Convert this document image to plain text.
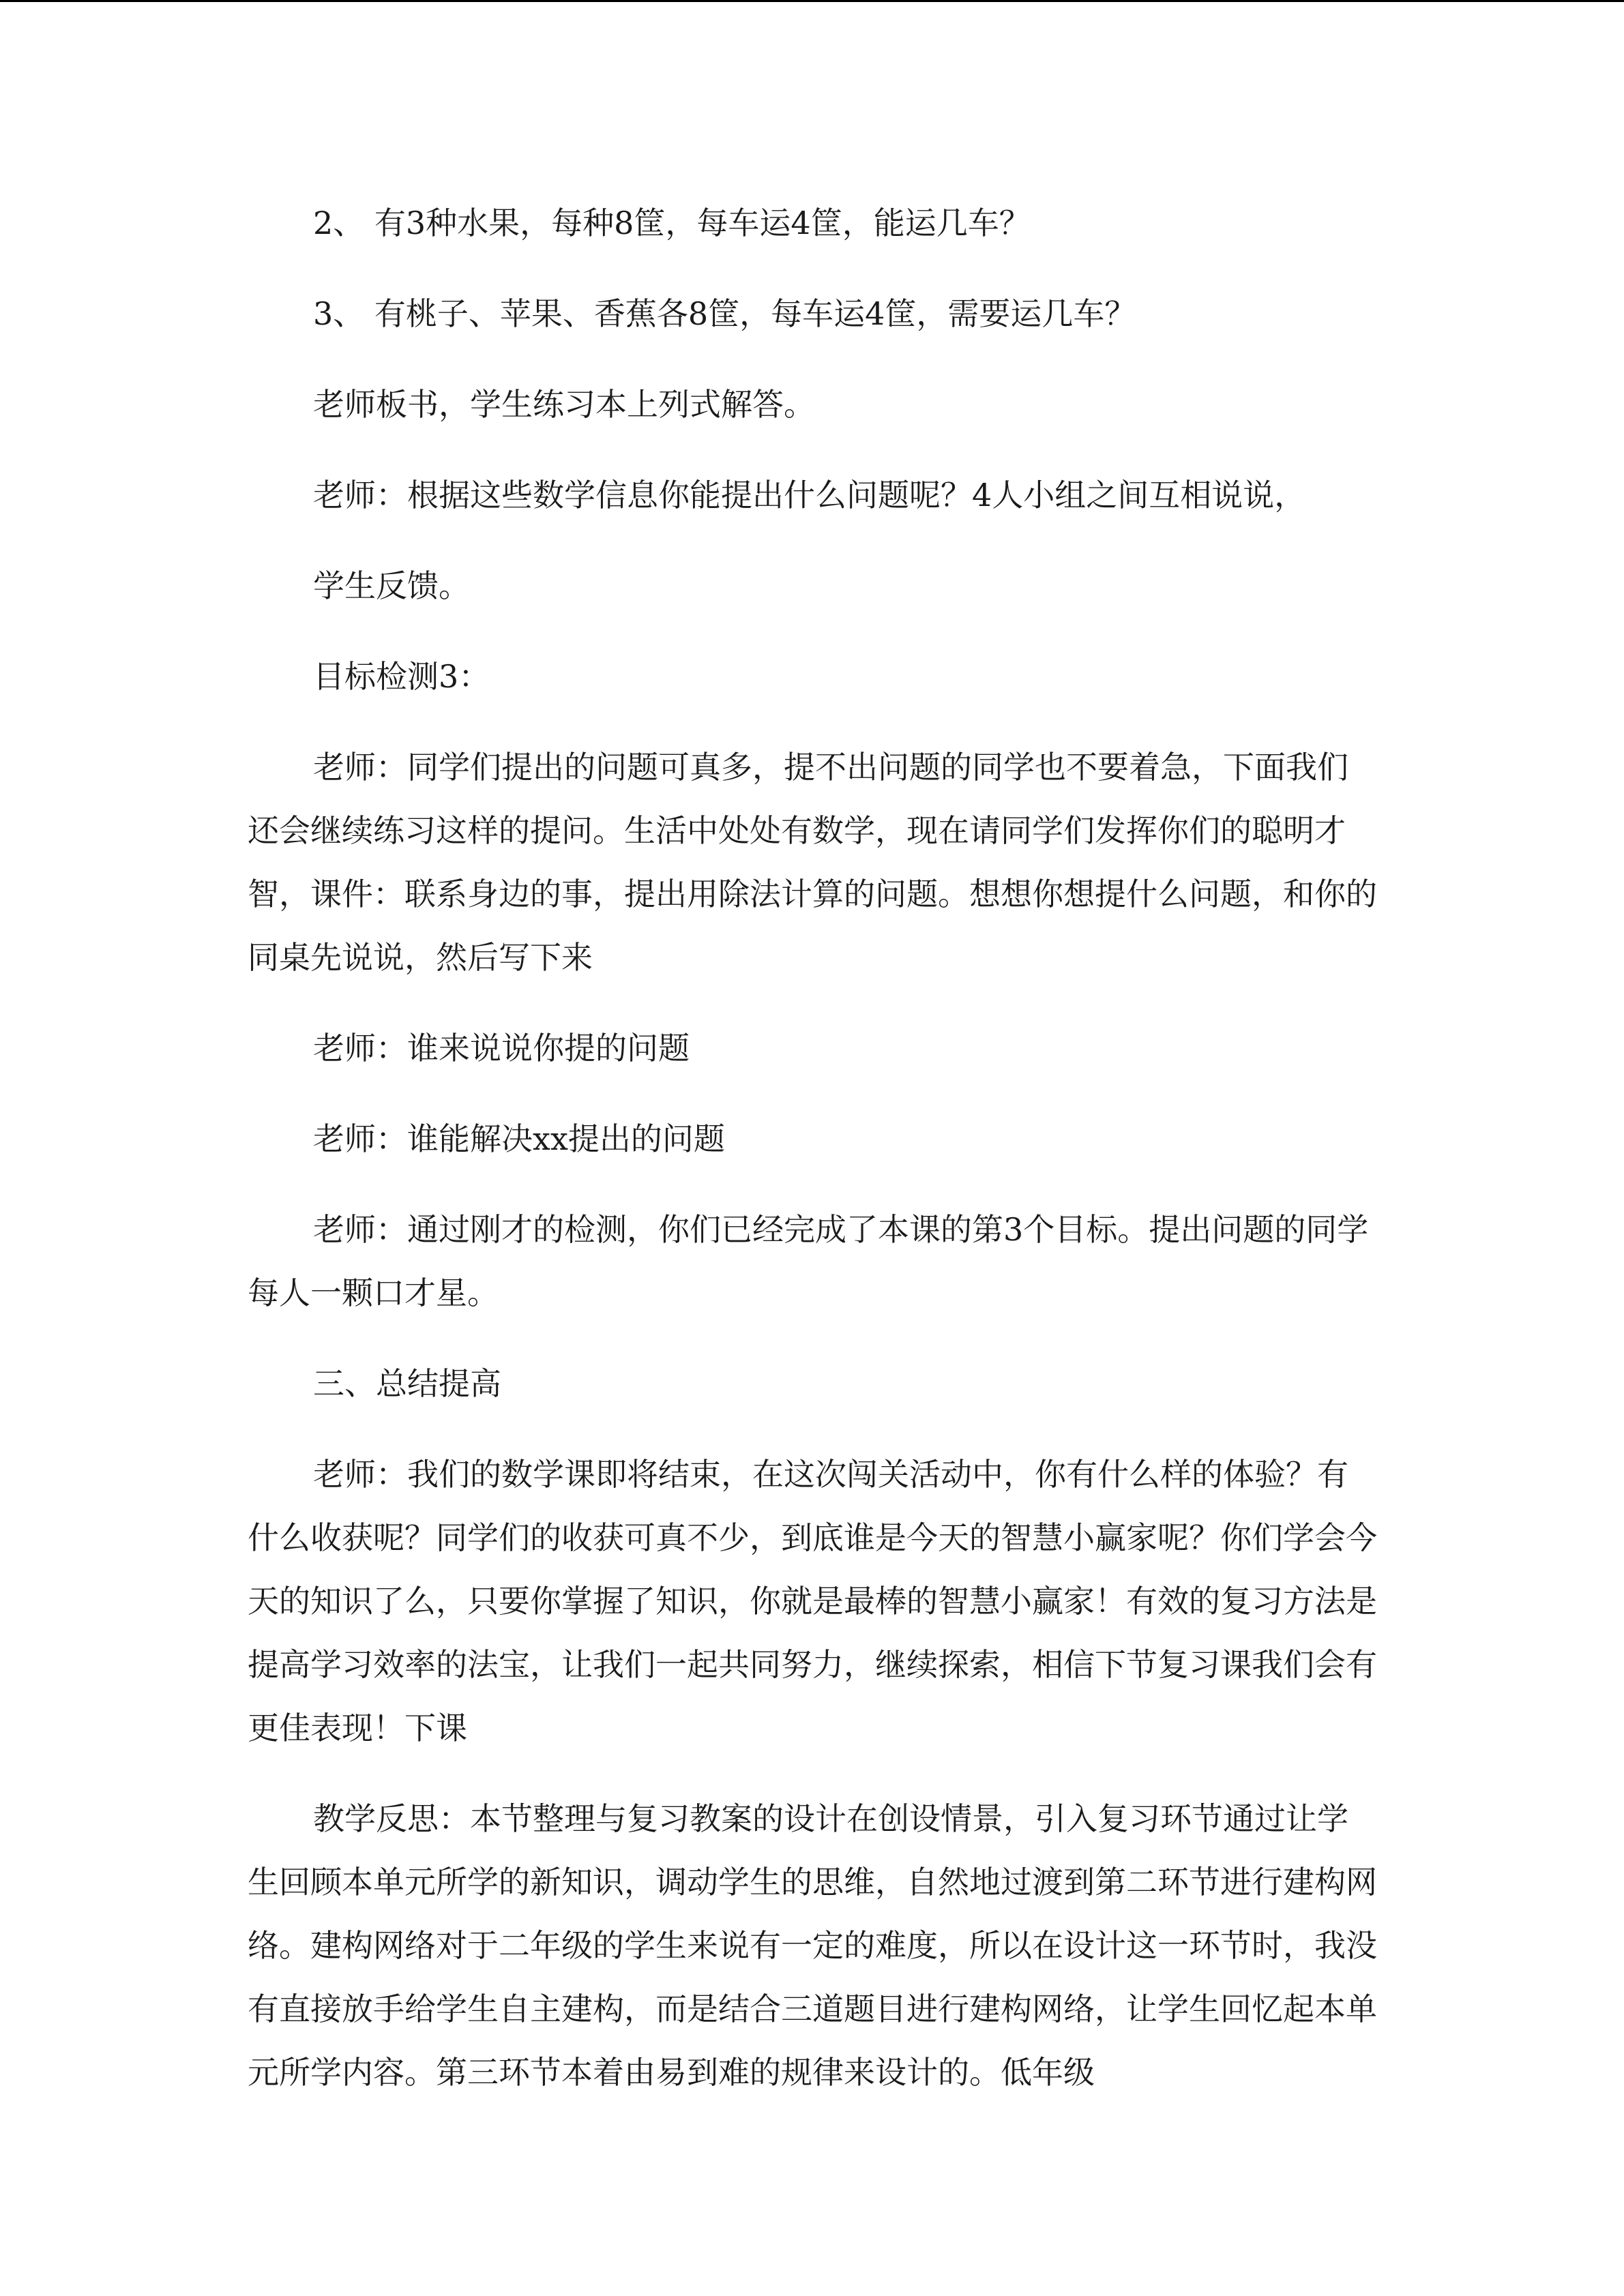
2、 有3种水果，每种8筐，每车运4筐，能运几车？

3、 有桃子、苹果、香蕉各8筐，每车运4筐，需要运几车？

老师板书，学生练习本上列式解答。

老师：根据这些数学信息你能提出什么问题呢？4人小组之间互相说说，

学生反馈。

目标检测3：

老师：同学们提出的问题可真多，提不出问题的同学也不要着急，下面我们还会继续练习这样的提问。生活中处处有数学，现在请同学们发挥你们的聪明才智，课件：联系身边的事，提出用除法计算的问题。想想你想提什么问题，和你的同桌先说说，然后写下来

老师：谁来说说你提的问题

老师：谁能解决xx提出的问题

老师：通过刚才的检测，你们已经完成了本课的第3个目标。提出问题的同学每人一颗口才星。

三、总结提高

老师：我们的数学课即将结束，在这次闯关活动中，你有什么样的体验？有什么收获呢？同学们的收获可真不少，到底谁是今天的智慧小赢家呢？你们学会今天的知识了么，只要你掌握了知识，你就是最棒的智慧小赢家！有效的复习方法是提高学习效率的法宝，让我们一起共同努力，继续探索，相信下节复习课我们会有更佳表现！下课

教学反思：本节整理与复习教案的设计在创设情景，引入复习环节通过让学生回顾本单元所学的新知识，调动学生的思维，自然地过渡到第二环节进行建构网络。建构网络对于二年级的学生来说有一定的难度，所以在设计这一环节时，我没有直接放手给学生自主建构，而是结合三道题目进行建构网络，让学生回忆起本单元所学内容。第三环节本着由易到难的规律来设计的。低年级
